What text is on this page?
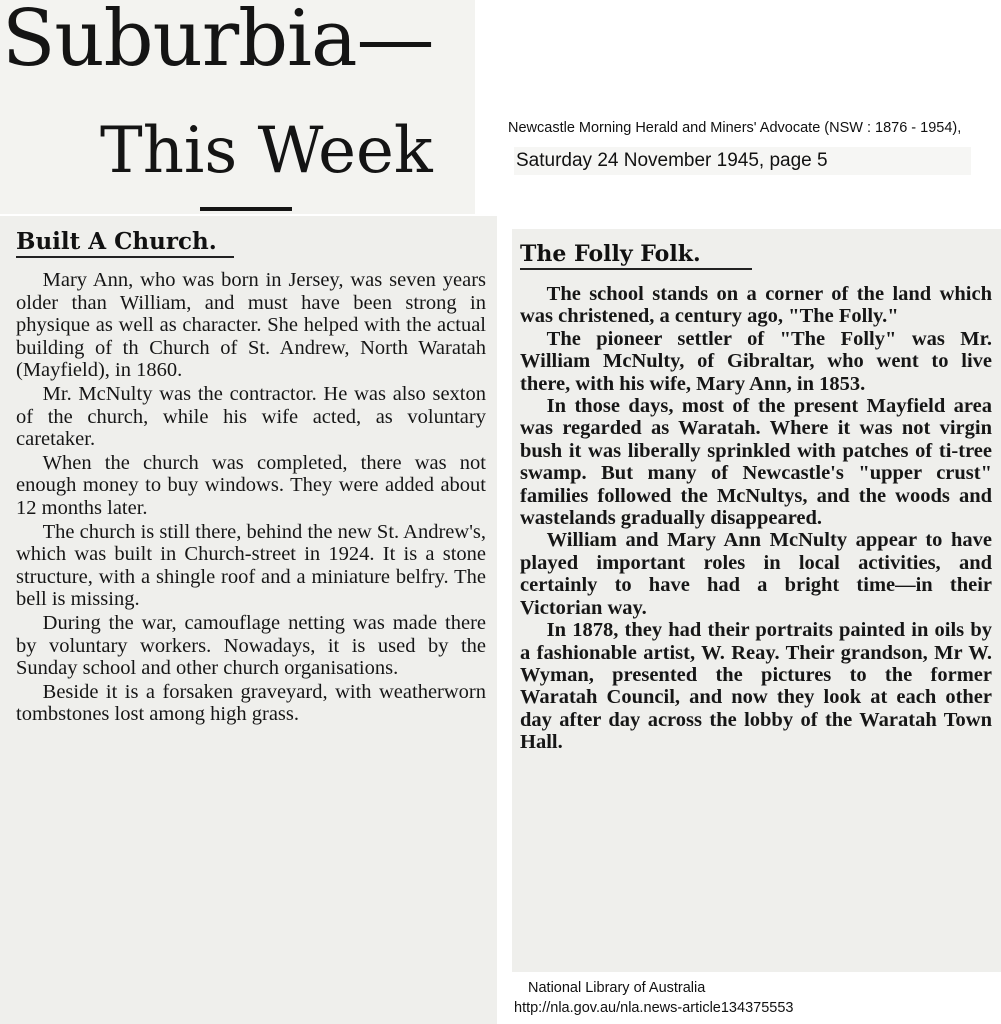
Suburbia—
This Week	Newcastle Morning Herald and Miners' Advocate (NSW : 1876 - 1954),
Saturday 24 November 1945, page 5
Built A Church.

Mary Ann, who was born in Jersey, was seven years older than William, and must have been strong in physique as well as character. She helped with the actual building of th Church of St. Andrew, North Waratah (Mayfield), in 1860.

Mr. McNulty was the contractor. He was also sexton of the church, while his wife acted, as voluntary caretaker.

When the church was completed, there was not enough money to buy windows. They were added about 12 months later.

The church is still there, behind the new St. Andrew's, which was built in Church-street in 1924. It is a stone structure, with a shingle roof and a miniature belfry. The bell is missing.

During the war, camouflage netting was made there by voluntary workers. Nowadays, it is used by the Sunday school and other church organisations.

Beside it is a forsaken graveyard, with weatherworn tombstones lost among high grass.

The Folly Folk.

The school stands on a corner of the land which was christened, a century ago, "The Folly."

The pioneer settler of "The Folly" was Mr. William McNulty, of Gibraltar, who went to live there, with his wife, Mary Ann, in 1853.

In those days, most of the present Mayfield area was regarded as Waratah. Where it was not virgin bush it was liberally sprinkled with patches of ti-tree swamp. But many of Newcastle's "upper crust" families followed the McNultys, and the woods and wastelands gradually disappeared.

William and Mary Ann McNulty appear to have played important roles in local activities, and certainly to have had a bright time—in their Victorian way.

In 1878, they had their portraits painted in oils by a fashionable artist, W. Reay. Their grandson, Mr W. Wyman, presented the pictures to the former Waratah Council, and now they look at each other day after day across the lobby of the Waratah Town Hall.

National Library of Australia
http://nla.gov.au/nla.news-article134375553
